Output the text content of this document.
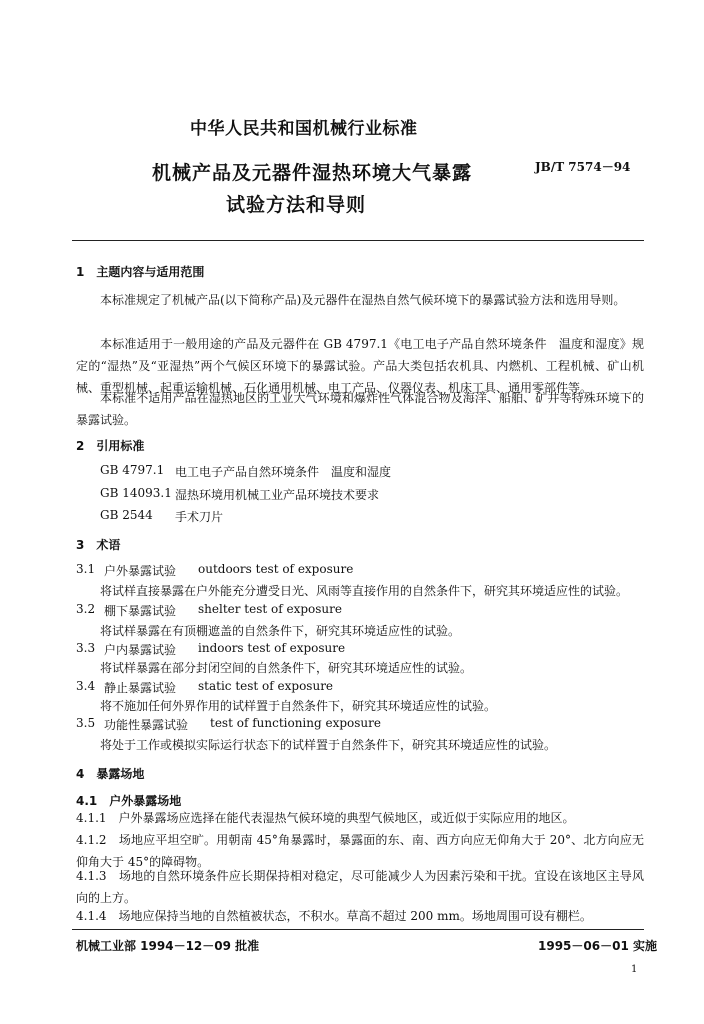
中华人民共和国机械行业标准
机械产品及元器件湿热环境大气暴露
试验方法和导则
JB/T 7574－94
1　主题内容与适用范围
本标准规定了机械产品(以下简称产品)及元器件在湿热自然气候环境下的暴露试验方法和选用导则。
本标准适用于一般用途的产品及元器件在 GB 4797.1《电工电子产品自然环境条件　温度和湿度》规定的“湿热”及“亚湿热”两个气候区环境下的暴露试验。产品大类包括农机具、内燃机、工程机械、矿山机械、重型机械、起重运输机械、石化通用机械、电工产品、仪器仪表、机床工具、通用零部件等。
本标准不适用产品在湿热地区的工业大气环境和爆炸性气体混合物及海洋、船舶、矿井等特殊环境下的暴露试验。
2　引用标准
GB 4797.1 电工电子产品自然环境条件　温度和湿度
GB 14093.1 湿热环境用机械工业产品环境技术要求
GB 2544 手术刀片
3　术语
3.1 户外暴露试验 outdoors test of exposure
将试样直接暴露在户外能充分遭受日光、风雨等直接作用的自然条件下，研究其环境适应性的试验。
3.2 棚下暴露试验 shelter test of exposure
将试样暴露在有顶棚遮盖的自然条件下，研究其环境适应性的试验。
3.3 户内暴露试验 indoors test of exposure
将试样暴露在部分封闭空间的自然条件下，研究其环境适应性的试验。
3.4 静止暴露试验 static test of exposure
将不施加任何外界作用的试样置于自然条件下，研究其环境适应性的试验。
3.5 功能性暴露试验 test of functioning exposure
将处于工作或模拟实际运行状态下的试样置于自然条件下，研究其环境适应性的试验。
4　暴露场地
4.1　户外暴露场地
4.1.1　户外暴露场应选择在能代表湿热气候环境的典型气候地区，或近似于实际应用的地区。
4.1.2　场地应平坦空旷。用朝南 45°角暴露时，暴露面的东、南、西方向应无仰角大于 20°、北方向应无仰角大于 45°的障碍物。
4.1.3　场地的自然环境条件应长期保持相对稳定，尽可能减少人为因素污染和干扰。宜设在该地区主导风向的上方。
4.1.4　场地应保持当地的自然植被状态，不积水。草高不超过 200 mm。场地周围可设有棚栏。
机械工业部 1994－12－09 批准	1995－06－01 实施
1
